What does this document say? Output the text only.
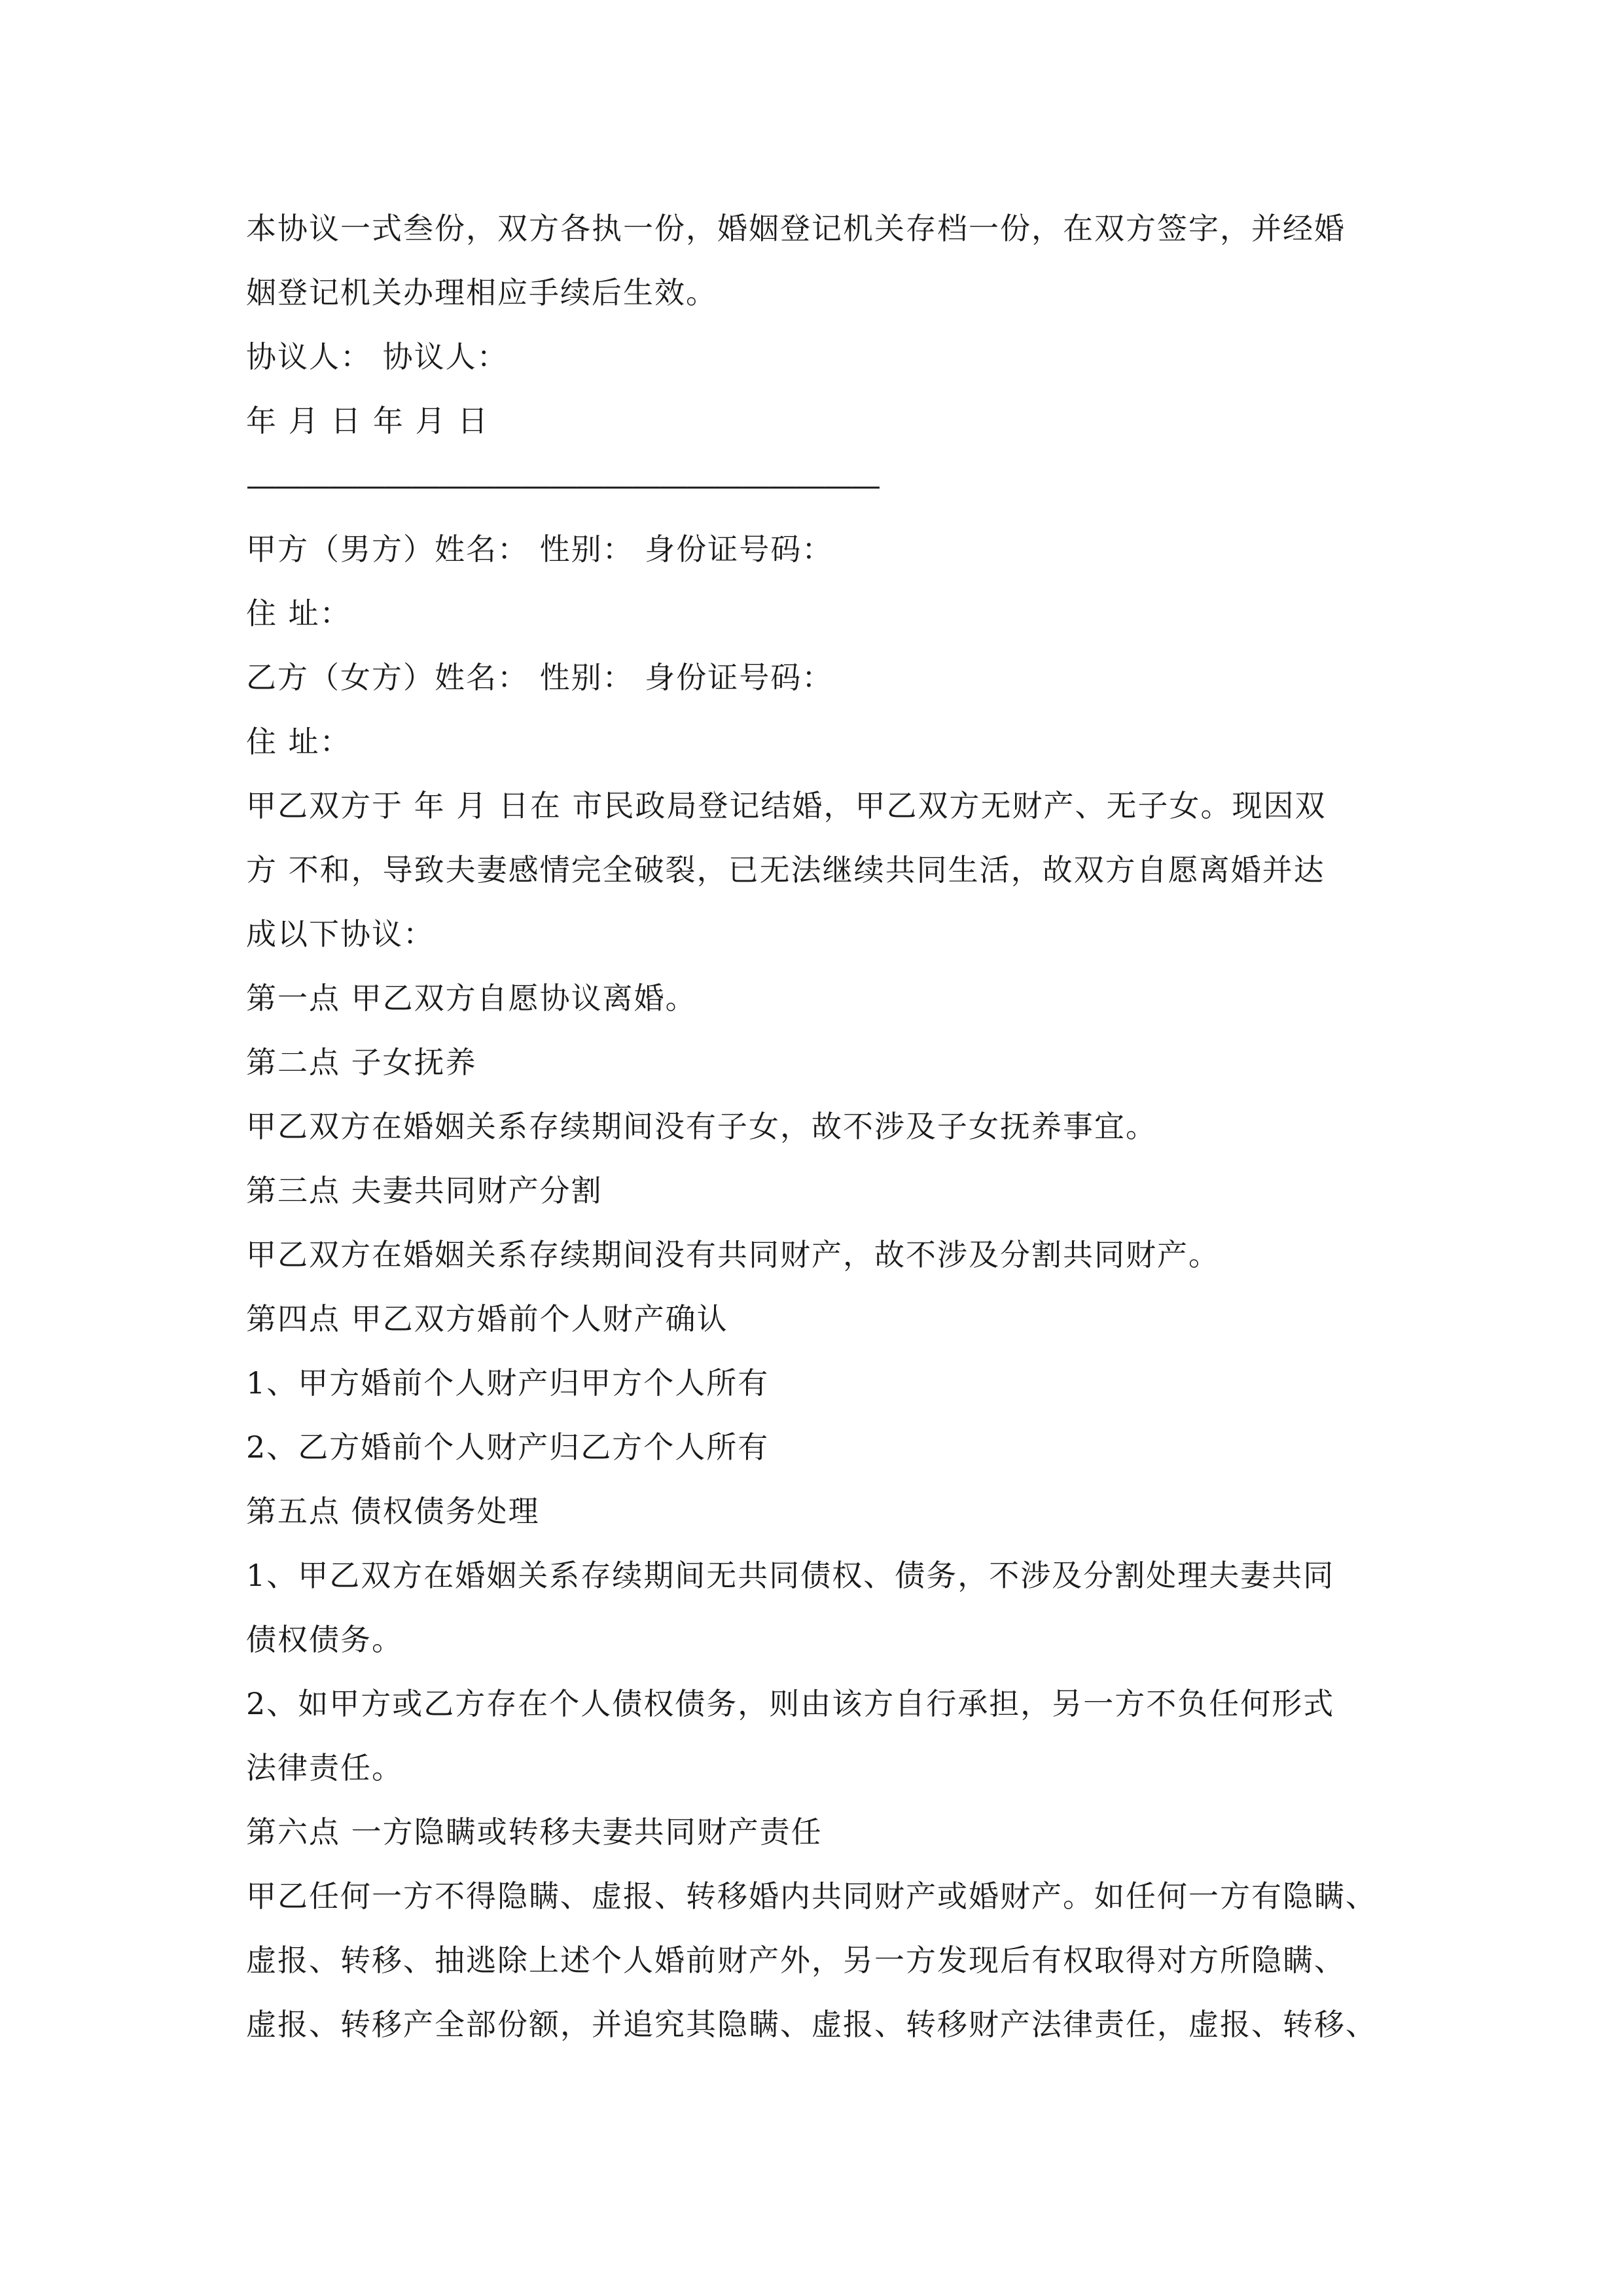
本协议一式叁份，双方各执一份，婚姻登记机关存档一份，在双方签字，并经婚

姻登记机关办理相应手续后生效。

协议人： 协议人：

年 月 日 年 月 日

———————————————————————

甲方（男方）姓名： 性别： 身份证号码：

住 址：

乙方（女方）姓名： 性别： 身份证号码：

住 址：

甲乙双方于 年 月 日在 市民政局登记结婚，甲乙双方无财产、无子女。现因双

方 不和，导致夫妻感情完全破裂，已无法继续共同生活，故双方自愿离婚并达

成以下协议：

第一点 甲乙双方自愿协议离婚。

第二点 子女抚养

甲乙双方在婚姻关系存续期间没有子女，故不涉及子女抚养事宜。

第三点 夫妻共同财产分割

甲乙双方在婚姻关系存续期间没有共同财产，故不涉及分割共同财产。

第四点 甲乙双方婚前个人财产确认

1、甲方婚前个人财产归甲方个人所有

2、乙方婚前个人财产归乙方个人所有

第五点 债权债务处理

1、甲乙双方在婚姻关系存续期间无共同债权、债务，不涉及分割处理夫妻共同

债权债务。

2、如甲方或乙方存在个人债权债务，则由该方自行承担，另一方不负任何形式

法律责任。

第六点 一方隐瞒或转移夫妻共同财产责任

甲乙任何一方不得隐瞒、虚报、转移婚内共同财产或婚财产。如任何一方有隐瞒、

虚报、转移、抽逃除上述个人婚前财产外，另一方发现后有权取得对方所隐瞒、

虚报、转移产全部份额，并追究其隐瞒、虚报、转移财产法律责任，虚报、转移、
